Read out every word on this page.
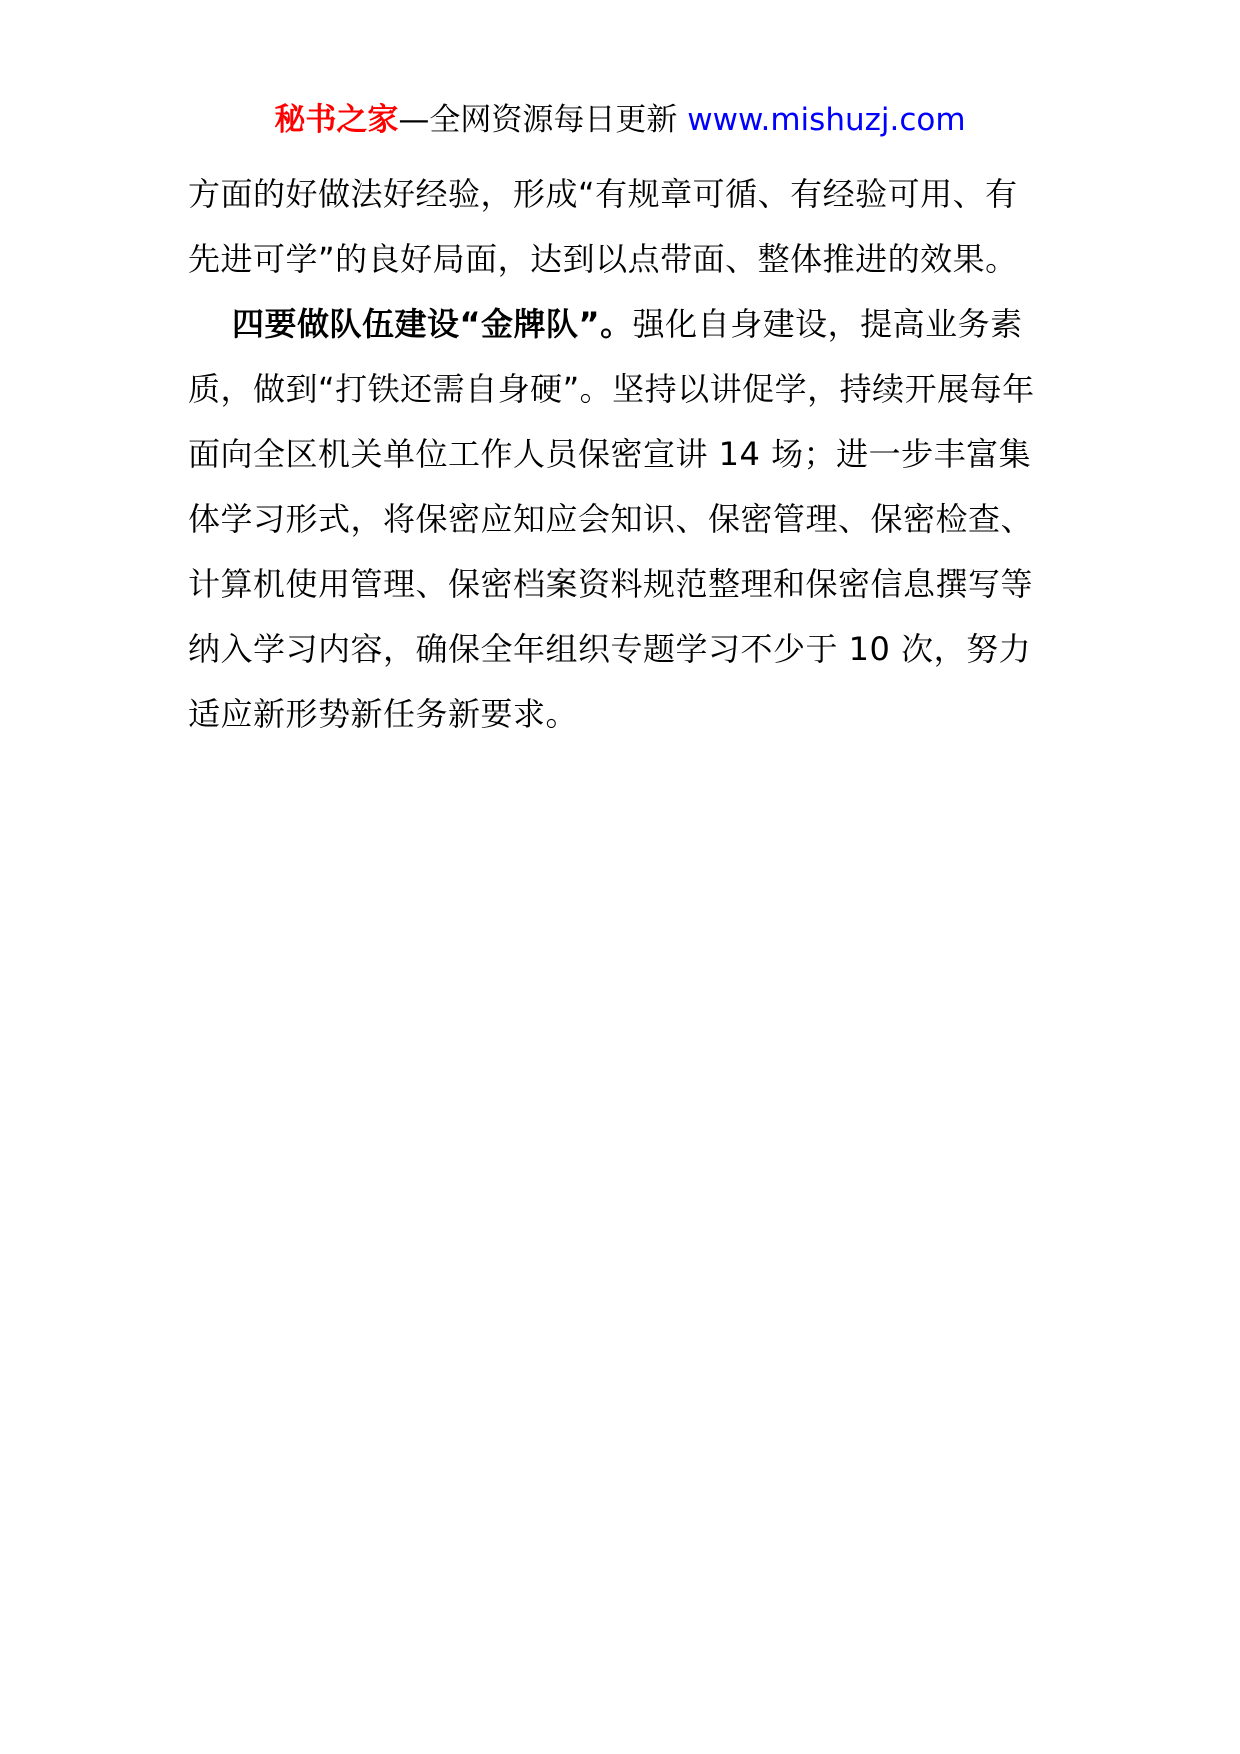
秘书之家—全网资源每日更新 www.mishuzj.com

方面的好做法好经验，形成“有规章可循、有经验可用、有先进可学”的良好局面，达到以点带面、整体推进的效果。

四要做队伍建设“金牌队”。强化自身建设，提高业务素质，做到“打铁还需自身硬”。坚持以讲促学，持续开展每年面向全区机关单位工作人员保密宣讲 14 场；进一步丰富集体学习形式，将保密应知应会知识、保密管理、保密检查、计算机使用管理、保密档案资料规范整理和保密信息撰写等纳入学习内容，确保全年组织专题学习不少于 10 次，努力适应新形势新任务新要求。
